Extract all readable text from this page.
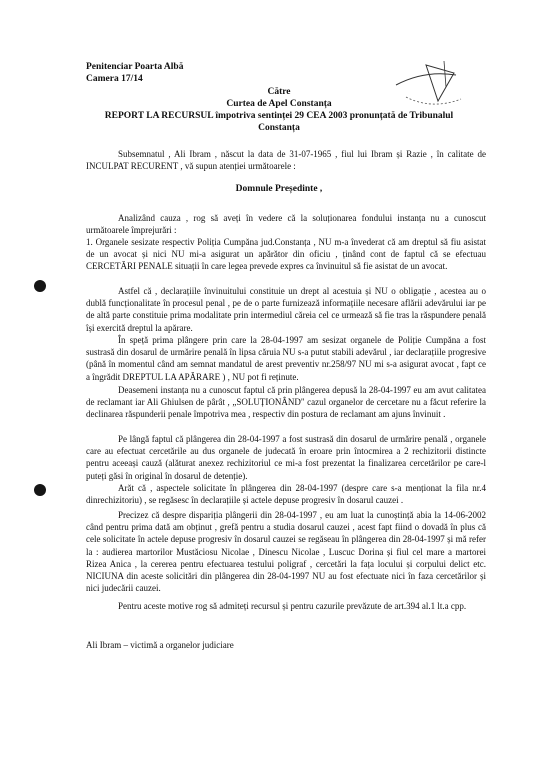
Penitenciar Poarta Albă
Camera 17/14
Către
Curtea de Apel Constanța
REPORT LA RECURSUL împotriva sentinței 29 CEA 2003 pronunțată de Tribunalul
Constanța
Subsemnatul , Ali Ibram , născut la data de 31-07-1965 , fiul lui Ibram și Razie , în calitate de INCULPAT RECURENT , vă supun atenției următoarele :
Domnule Președinte ,
Analizând cauza , rog să aveți în vedere că la soluționarea fondului instanța nu a cunoscut următoarele împrejurări :
1. Organele sesizate respectiv Poliția Cumpăna jud.Constanța , NU m-a învederat că am dreptul să fiu asistat de un avocat și nici NU mi-a asigurat un apărător din oficiu , ținând cont de faptul că se efectuau CERCETĂRI PENALE situații în care legea prevede expres ca învinuitul să fie asistat de un avocat.
Astfel că , declarațiile învinuitului constituie un drept al acestuia și NU o obligație , acestea au o dublă funcționalitate în procesul penal , pe de o parte furnizează informațiile necesare aflării adevărului iar pe de altă parte constituie prima modalitate prin intermediul căreia cel ce urmează să fie tras la răspundere penală își exercită dreptul la apărare.
În speță prima plângere prin care la 28-04-1997 am sesizat organele de Poliție Cumpăna a fost sustrasă din dosarul de urmărire penală în lipsa căruia NU s-a putut stabili adevărul , iar declarațiile progresive (până în momentul când am semnat mandatul de arest preventiv nr.258/97 NU mi s-a asigurat avocat , fapt ce a îngrădit DREPTUL LA APĂRARE ) , NU pot fi reținute.
Deasemeni instanța nu a cunoscut faptul că prin plângerea depusă la 28-04-1997 eu am avut calitatea de reclamant iar Ali Ghiulsen de pârât , „SOLUȚIONÂND" cazul organelor de cercetare nu a făcut referire la declinarea răspunderii penale împotriva mea , respectiv din postura de reclamant am ajuns învinuit .
Pe lângă faptul că plângerea din 28-04-1997 a fost sustrasă din dosarul de urmărire penală , organele care au efectuat cercetările au dus organele de judecată în eroare prin întocmirea a 2 rechizitorii distincte pentru aceeași cauză (alăturat anexez rechizitoriul ce mi-a fost prezentat la finalizarea cercetărilor pe care-l puteți găsi în original în dosarul de detenție).
Arăt că , aspectele solicitate în plângerea din 28-04-1997 (despre care s-a menționat la fila nr.4 dinrechizitoriu) , se regăsesc în declarațiile și actele depuse progresiv în dosarul cauzei .
Precizez că despre dispariția plângerii din 28-04-1997 , eu am luat la cunoștință abia la 14-06-2002 când pentru prima dată am obținut , grefă pentru a studia dosarul cauzei , acest fapt fiind o dovadă în plus că cele solicitate în actele depuse progresiv în dosarul cauzei se regăseau în plângerea din 28-04-1997 și mă refer la : audierea martorilor Mustăciosu Nicolae , Dinescu Nicolae , Luscuc Dorina și fiul cel mare a martorei Rizea Anica , la cererea pentru efectuarea testului poligraf , cercetări la fața locului și corpului delict etc. NICIUNA din aceste solicitări din plângerea din 28-04-1997 NU au fost efectuate nici în faza cercetărilor și nici judecării cauzei.
Pentru aceste motive rog să admiteți recursul și pentru cazurile prevăzute de art.394 al.1 lt.a cpp.
Ali Ibram – victimă a organelor judiciare
